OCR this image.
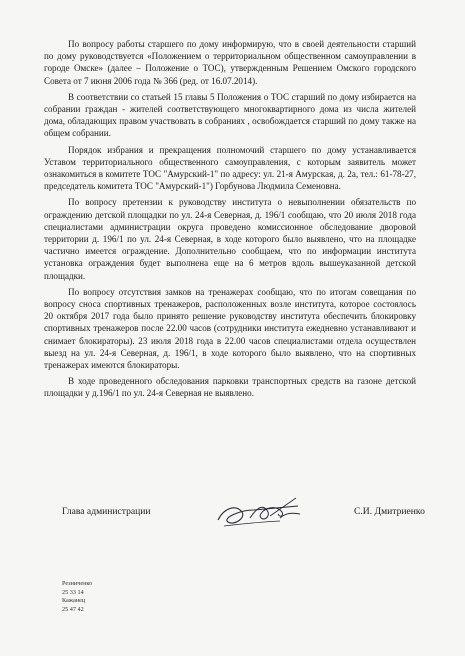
По вопросу работы старшего по дому информирую, что в своей деятельности старший по дому руководствуется «Положением о территориальном общественном самоуправлении в городе Омске» (далее – Положение о ТОС), утвержденным Решением Омского городского Совета от 7 июня 2006 года № 366 (ред. от 16.07.2014).

В соответствии со статьей 15 главы 5 Положения о ТОС старший по дому избирается на собрании граждан - жителей соответствующего многоквартирного дома из числа жителей дома, обладающих правом участвовать в собраниях , освобождается старший по дому также на общем собрании.

Порядок избрания и прекращения полномочий старшего по дому устанавливается Уставом территориального общественного самоуправления, с которым заявитель может ознакомиться в комитете ТОС "Амурский-1" по адресу: ул. 21-я Амурская, д. 2а, тел.: 61-78-27, председатель комитета ТОС "Амурский-1") Горбунова Людмила Семеновна.

По вопросу претензии к руководству института о невыполнении обязательств по ограждению детской площадки по ул. 24-я Северная, д. 196/1 сообщаю, что 20 июля 2018 года специалистами администрации округа проведено комиссионное обследование дворовой территории д. 196/1 по ул. 24-я Северная, в ходе которого было выявлено, что на площадке частично имеется ограждение. Дополнительно сообщаем, что по информации института установка ограждения будет выполнена еще на 6 метров вдоль вышеуказанной детской площадки.

По вопросу отсутствия замков на тренажерах сообщаю, что по итогам совещания по вопросу сноса спортивных тренажеров, расположенных возле института, которое состоялось 20 октября 2017 года было принято решение руководству института обеспечить блокировку спортивных тренажеров после 22.00 часов (сотрудники института ежедневно устанавливают и снимает блокираторы). 23 июля 2018 года в 22.00 часов специалистами отдела осуществлен выезд на ул. 24-я Северная, д. 196/1, в ходе которого было выявлено, что на спортивных тренажерах имеются блокираторы.

В ходе проведенного обследования парковки транспортных средств на газоне детской площадки у д.196/1 по ул. 24-я Северная не выявлено.

Глава администрации	С.И. Дмитриенко
Резниченко
25 33 14
Кажанец
25 47 42
